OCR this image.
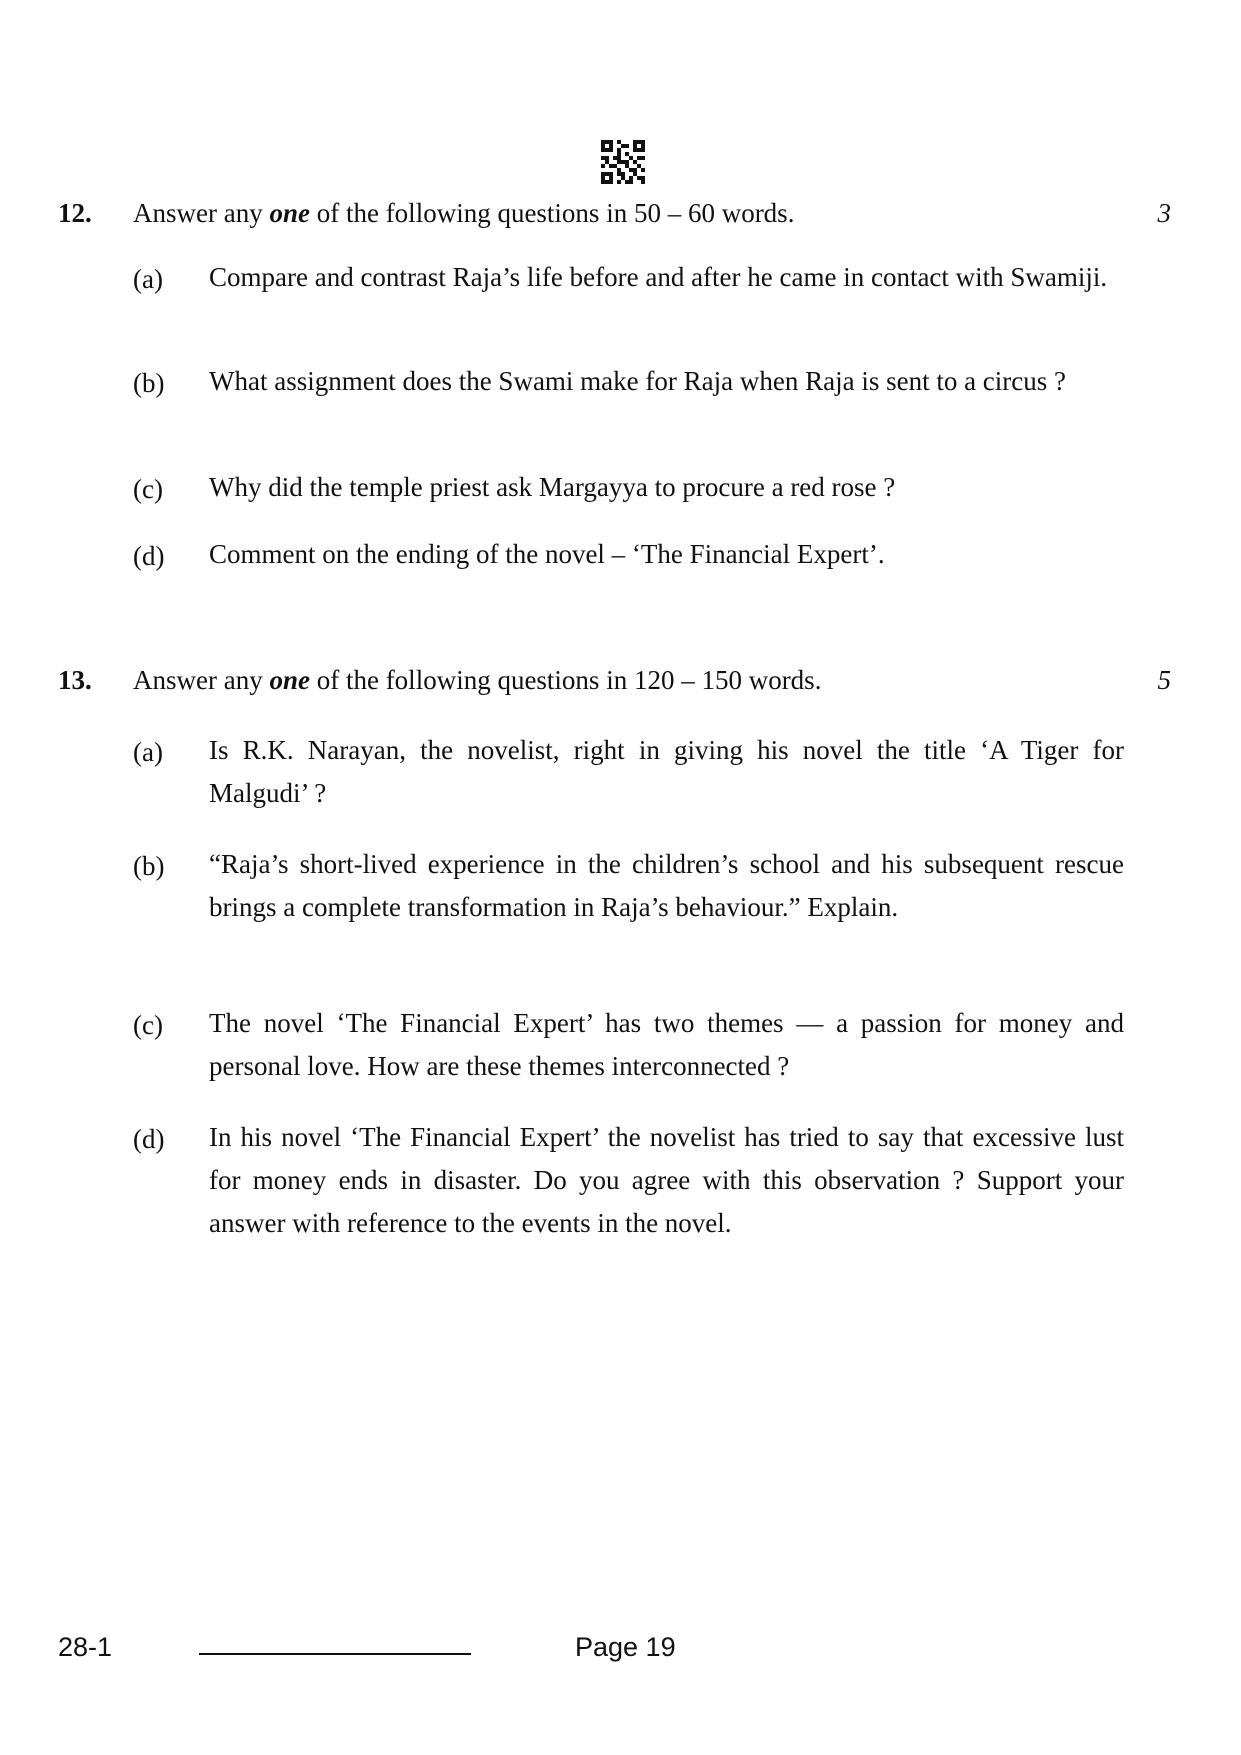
12. Answer any one of the following questions in 50 – 60 words.	3
(a) Compare and contrast Raja’s life before and after he came in contact with Swamiji.
(b) What assignment does the Swami make for Raja when Raja is sent to a circus ?
(c) Why did the temple priest ask Margayya to procure a red rose ?
(d) Comment on the ending of the novel – ‘The Financial Expert’.
13. Answer any one of the following questions in 120 – 150 words.	5
(a) Is R.K. Narayan, the novelist, right in giving his novel the title ‘A Tiger for Malgudi’ ?
(b) “Raja’s short-lived experience in the children’s school and his subsequent rescue brings a complete transformation in Raja’s behaviour.” Explain.
(c) The novel ‘The Financial Expert’ has two themes — a passion for money and personal love. How are these themes interconnected ?
(d) In his novel ‘The Financial Expert’ the novelist has tried to say that excessive lust for money ends in disaster. Do you agree with this observation ? Support your answer with reference to the events in the novel.
28-1	Page 19
